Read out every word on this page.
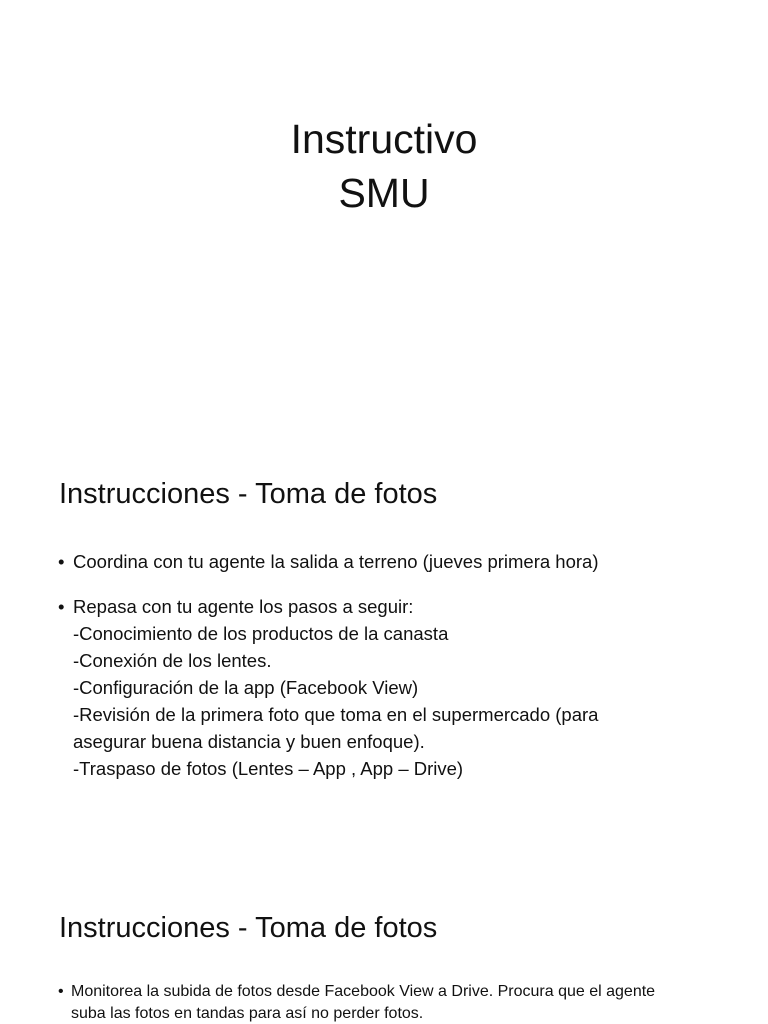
Instructivo
SMU
Instrucciones - Toma de fotos
• Coordina con tu agente la salida a terreno (jueves primera hora)
• Repasa con tu agente los pasos a seguir:
-Conocimiento de los productos de la canasta
-Conexión de los lentes.
-Configuración de la app (Facebook View)
-Revisión de la primera foto que toma en el supermercado (para
asegurar buena distancia y buen enfoque).
-Traspaso de fotos (Lentes – App , App – Drive)
Instrucciones - Toma de fotos
• Monitorea la subida de fotos desde Facebook View a Drive. Procura que el agente
suba las fotos en tandas para así no perder fotos.
